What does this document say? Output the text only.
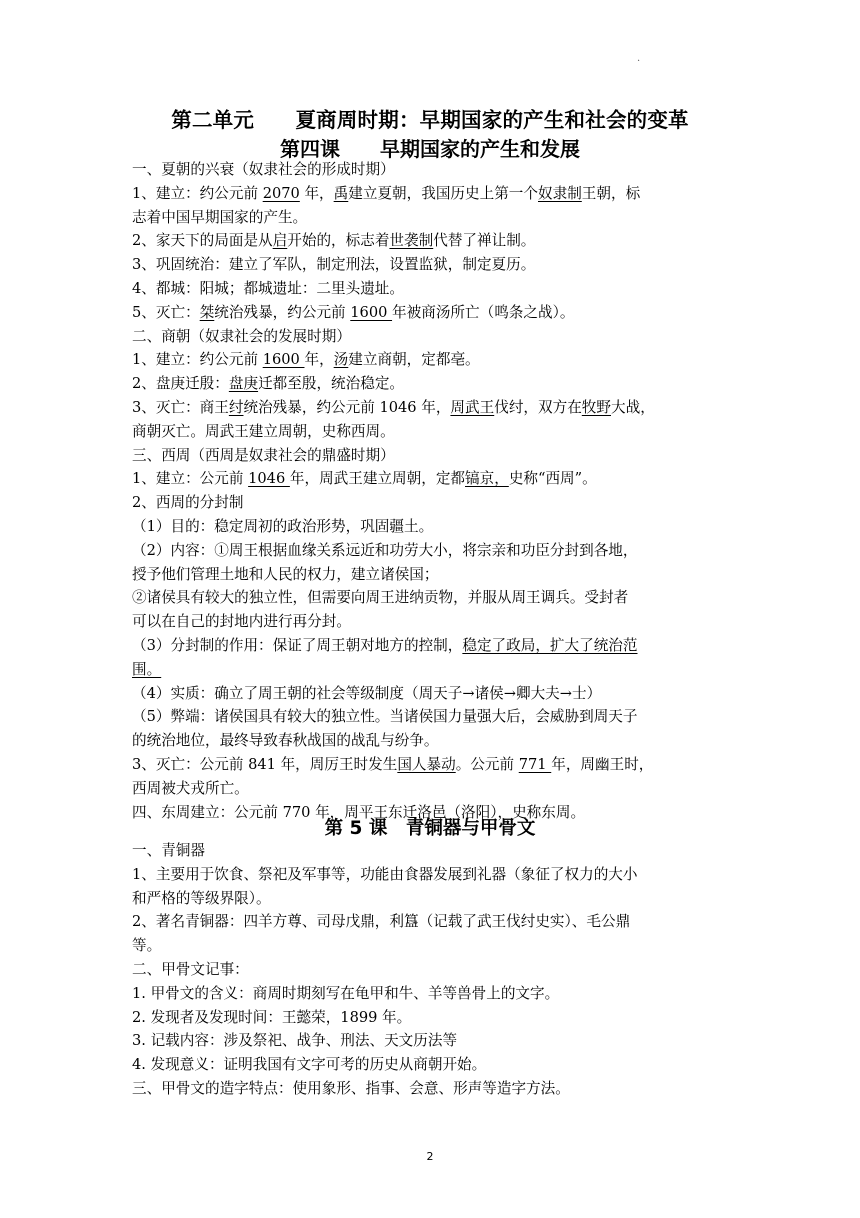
·
第二单元　　夏商周时期：早期国家的产生和社会的变革
第四课　　早期国家的产生和发展
一、夏朝的兴衰（奴隶社会的形成时期）
1、建立：约公元前 2070 年，禹建立夏朝，我国历史上第一个奴隶制王朝，标
志着中国早期国家的产生。
2、家天下的局面是从启开始的，标志着世袭制代替了禅让制。
3、巩固统治：建立了军队，制定刑法，设置监狱，制定夏历。
4、都城：阳城；都城遗址：二里头遗址。
5、灭亡：桀统治残暴，约公元前 1600 年被商汤所亡（鸣条之战）。
二、商朝（奴隶社会的发展时期）
1、建立：约公元前 1600 年，汤建立商朝，定都亳。
2、盘庚迁殷：盘庚迁都至殷，统治稳定。
3、灭亡：商王纣统治残暴，约公元前 1046 年，周武王伐纣，双方在牧野大战，
商朝灭亡。周武王建立周朝，史称西周。
三、西周（西周是奴隶社会的鼎盛时期）
1、建立：公元前 1046 年，周武王建立周朝，定都镐京，史称“西周”。
2、西周的分封制
（1）目的：稳定周初的政治形势，巩固疆土。
（2）内容：①周王根据血缘关系远近和功劳大小，将宗亲和功臣分封到各地，
授予他们管理土地和人民的权力，建立诸侯国；
②诸侯具有较大的独立性，但需要向周王进纳贡物，并服从周王调兵。受封者
可以在自己的封地内进行再分封。
（3）分封制的作用：保证了周王朝对地方的控制，稳定了政局，扩大了统治范
围。
（4）实质：确立了周王朝的社会等级制度（周天子→诸侯→卿大夫→士）
（5）弊端：诸侯国具有较大的独立性。当诸侯国力量强大后，会威胁到周天子
的统治地位，最终导致春秋战国的战乱与纷争。
3、灭亡：公元前 841 年，周厉王时发生国人暴动。公元前 771 年，周幽王时，
西周被犬戎所亡。
四、东周建立：公元前 770 年，周平王东迁洛邑（洛阳），史称东周。
第 5 课　青铜器与甲骨文
一、青铜器
1、主要用于饮食、祭祀及军事等，功能由食器发展到礼器（象征了权力的大小
和严格的等级界限）。
2、著名青铜器：四羊方尊、司母戊鼎，利簋（记载了武王伐纣史实）、毛公鼎
等。
二、甲骨文记事：
1. 甲骨文的含义：商周时期刻写在龟甲和牛、羊等兽骨上的文字。
2. 发现者及发现时间：王懿荣，1899 年。
3. 记载内容：涉及祭祀、战争、刑法、天文历法等
4. 发现意义：证明我国有文字可考的历史从商朝开始。
三、甲骨文的造字特点：使用象形、指事、会意、形声等造字方法。
2
